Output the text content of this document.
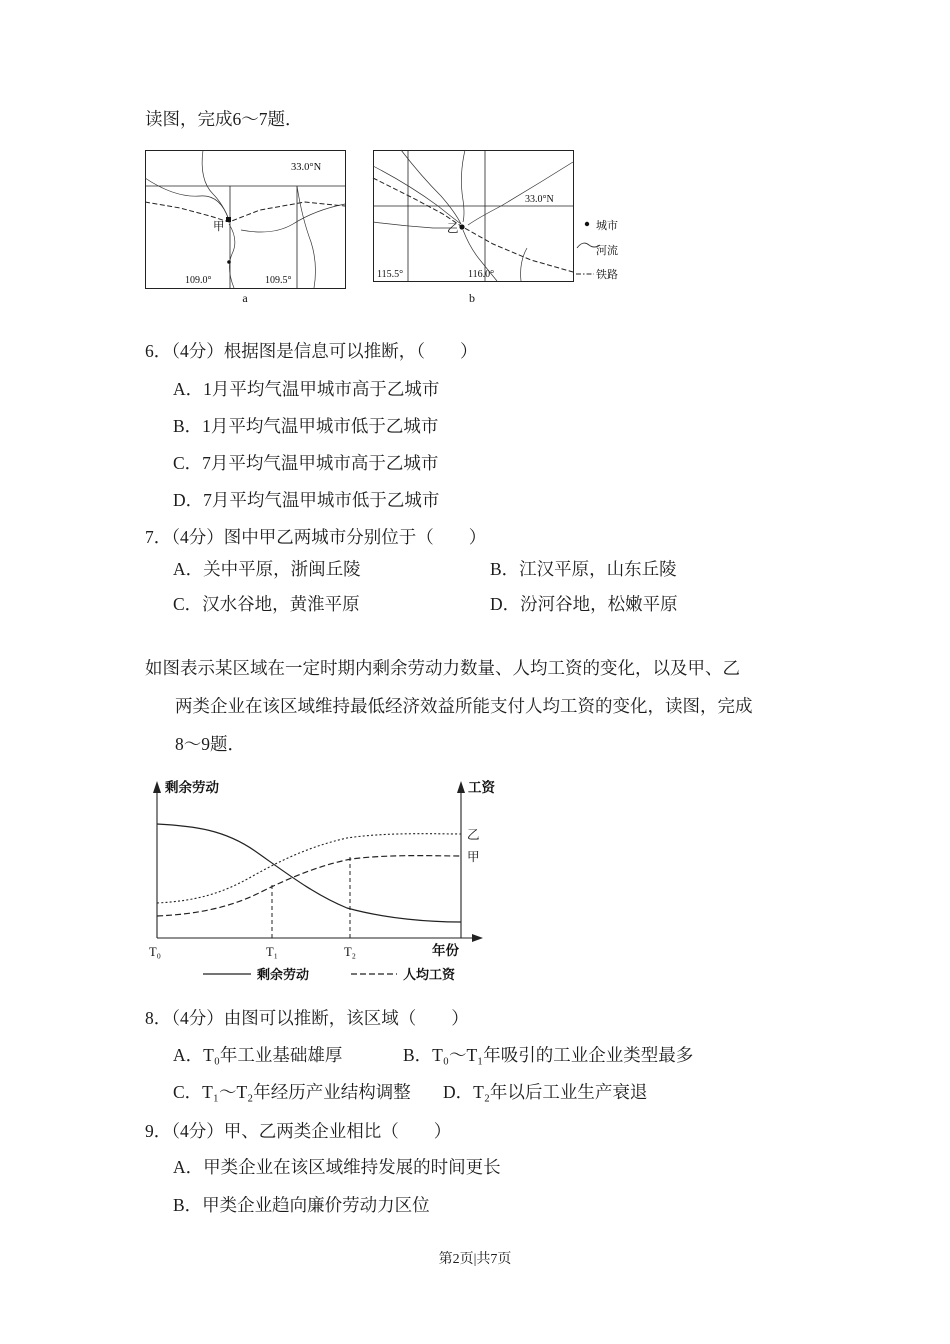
读图，完成6～7题．
甲
33.0°N
109.0°	109.5°
a
乙
33.0°N
115.5°	116.0°
b
城市
河流
铁路
6．（4分）根据图是信息可以推断，（　　）
A．1月平均气温甲城市高于乙城市
B．1月平均气温甲城市低于乙城市
C．7月平均气温甲城市高于乙城市
D．7月平均气温甲城市低于乙城市
7．（4分）图中甲乙两城市分别位于（　　）
A．关中平原，浙闽丘陵	B．江汉平原，山东丘陵
C．汉水谷地，黄淮平原	D．汾河谷地，松嫩平原
如图表示某区域在一定时期内剩余劳动力数量、人均工资的变化，以及甲、乙
两类企业在该区域维持最低经济效益所能支付人均工资的变化，读图，完成
8～9题．
剩余劳动	工资
年份
T₀	T₁	T₂
乙
甲
剩余劳动	人均工资
8．（4分）由图可以推断，该区域（　　）
A．T₀年工业基础雄厚	B．T₀～T₁年吸引的工业企业类型最多
C．T₁～T₂年经历产业结构调整 D．T₂年以后工业生产衰退
9．（4分）甲、乙两类企业相比（　　）
A．甲类企业在该区域维持发展的时间更长
B．甲类企业趋向廉价劳动力区位
第2页|共7页
